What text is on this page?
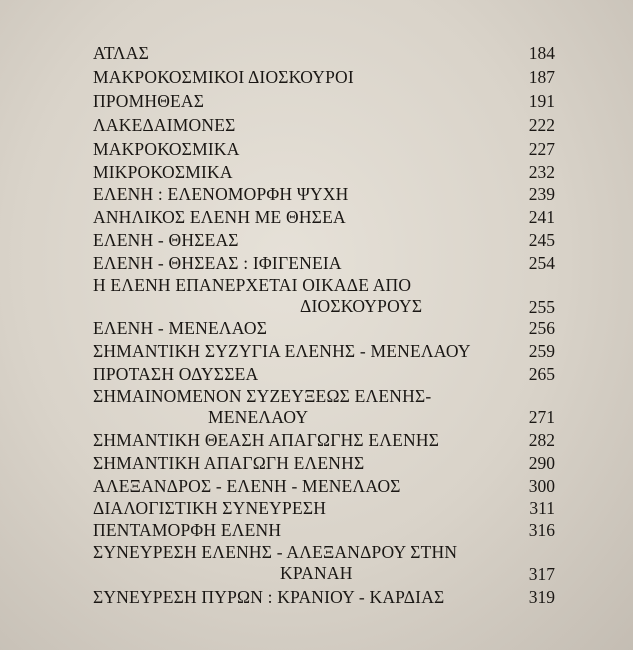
ΑΤΛΑΣ	184
ΜΑΚΡΟΚΟΣΜΙΚΟΙ ΔΙΟΣΚΟΥΡΟΙ	187
ΠΡΟΜΗΘΕΑΣ	191
ΛΑΚΕΔΑΙΜΟΝΕΣ	222
ΜΑΚΡΟΚΟΣΜΙΚΑ	227
ΜΙΚΡΟΚΟΣΜΙΚΑ	232
ΕΛΕΝΗ : ΕΛΕΝΟΜΟΡΦΗ ΨΥΧΗ	239
ΑΝΗΛΙΚΟΣ ΕΛΕΝΗ ΜΕ ΘΗΣΕΑ	241
ΕΛΕΝΗ - ΘΗΣΕΑΣ	245
ΕΛΕΝΗ - ΘΗΣΕΑΣ : ΙΦΙΓΕΝΕΙΑ	254
Η ΕΛΕΝΗ ΕΠΑΝΕΡΧΕΤΑΙ ΟΙΚΑΔΕ ΑΠΟ
ΔΙΟΣΚΟΥΡΟΥΣ	255
ΕΛΕΝΗ - ΜΕΝΕΛΑΟΣ	256
ΣΗΜΑΝΤΙΚΗ ΣΥΖΥΓΙΑ ΕΛΕΝΗΣ - ΜΕΝΕΛΑΟΥ	259
ΠΡΟΤΑΣΗ ΟΔΥΣΣΕΑ	265
ΣΗΜΑΙΝΟΜΕΝΟΝ ΣΥΖΕΥΞΕΩΣ ΕΛΕΝΗΣ-
ΜΕΝΕΛΑΟΥ	271
ΣΗΜΑΝΤΙΚΗ ΘΕΑΣΗ ΑΠΑΓΩΓΗΣ ΕΛΕΝΗΣ	282
ΣΗΜΑΝΤΙΚΗ ΑΠΑΓΩΓΗ ΕΛΕΝΗΣ	290
ΑΛΕΞΑΝΔΡΟΣ - ΕΛΕΝΗ - ΜΕΝΕΛΑΟΣ	300
ΔΙΑΛΟΓΙΣΤΙΚΗ ΣΥΝΕΥΡΕΣΗ	311
ΠΕΝΤΑΜΟΡΦΗ ΕΛΕΝΗ	316
ΣΥΝΕΥΡΕΣΗ ΕΛΕΝΗΣ - ΑΛΕΞΑΝΔΡΟΥ ΣΤΗΝ
ΚΡΑΝΑΗ	317
ΣΥΝΕΥΡΕΣΗ ΠΥΡΩΝ : ΚΡΑΝΙΟΥ - ΚΑΡΔΙΑΣ	319
